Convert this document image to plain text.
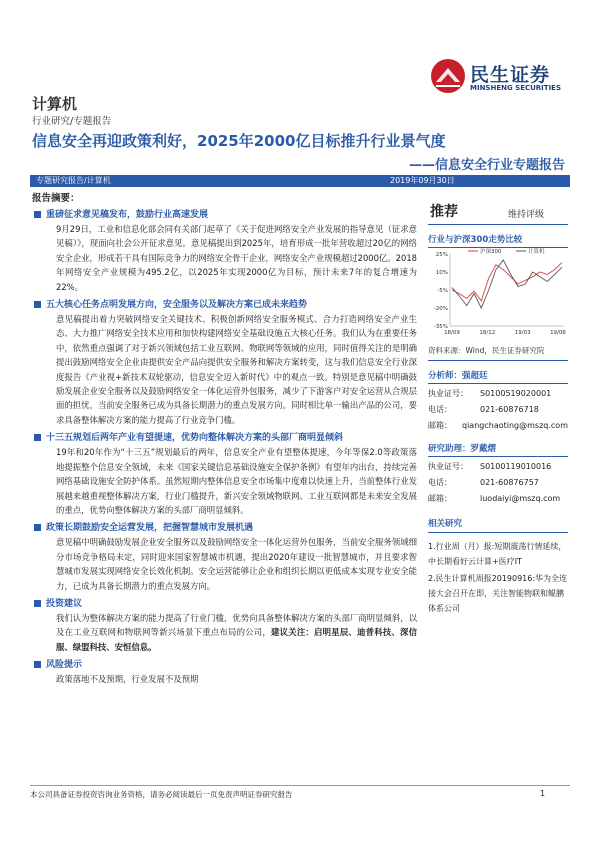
民生证券
MINSHENG SECURITIES
计算机
行业研究/专题报告
信息安全再迎政策利好，2025年2000亿目标推升行业景气度
——信息安全行业专题报告
专题研究报告/计算机	2019年09月30日
报告摘要：
重磅征求意见稿发布，鼓励行业高速发展
9月29日，工业和信息化部会同有关部门起草了《关于促进网络安全产业发展的指导意见（征求意见稿）》，现面向社会公开征求意见。意见稿提出到2025年，培育形成一批年营收超过20亿的网络安全企业，形成若干具有国际竞争力的网络安全骨干企业，网络安全产业规模超过2000亿。2018年网络安全产业规模为495.2亿，以2025年实现2000亿为目标，预计未来7年的复合增速为22%。
五大核心任务点明发展方向，安全服务以及解决方案已成未来趋势
意见稿提出着力突破网络安全关键技术、积极创新网络安全服务模式、合力打造网络安全产业生态、大力推广网络安全技术应用和加快构建网络安全基础设施五大核心任务。我们认为在重要任务中，依然重点强调了对于新兴领域包括工业互联网、物联网等领域的应用，同时值得关注的是明确提出鼓励网络安全企业由提供安全产品向提供安全服务和解决方案转变，这与我们信息安全行业深度报告《产业视+新技术双轮驱动，信息安全迈入新时代》中的观点一致。特别是意见稿中明确鼓励发展企业安全服务以及鼓励网络安全一体化运营外包服务，减少了下游客户对安全运营从合规层面的担忧，当前安全服务已成为具备长期潜力的重点发展方向。同时相比单一输出产品的公司，要求具备整体解决方案的能力提高了行业竞争门槛。
十三五规划后两年产业有望提速，优势向整体解决方案的头部厂商明显倾斜
19年和20年作为“十三五”规划最后的两年，信息安全产业有望整体提速，今年等保2.0等政策落地提振整个信息安全领域，未来《国家关键信息基础设施安全保护条例》有望年内出台，持续完善网络基础设施安全防护体系。虽然短期内整体信息安全市场集中度难以快速上升，当前整体行业发展越来越重视整体解决方案，行业门槛提升，新兴安全领域物联网、工业互联网都是未来安全发展的重点，优势向整体解决方案的头部厂商明显倾斜。
政策长期鼓励安全运营发展，把握智慧城市发展机遇
意见稿中明确鼓励发展企业安全服务以及鼓励网络安全一体化运营外包服务，当前安全服务领域细分市场竞争格局未定，同时迎来国家智慧城市机遇，提出2020年建设一批智慧城市，并且要求智慧城市发展实现网络安全长效化机制。安全运营能够让企业和组织长期以更低成本实现专业安全能力，已成为具备长期潜力的重点发展方向。
投资建议
我们认为整体解决方案的能力提高了行业门槛，优势向具备整体解决方案的头部厂商明显倾斜，以及在工业互联网和物联网等新兴场景下重点布局的公司，建议关注：启明星辰、迪普科技、深信服、绿盟科技、安恒信息。
风险提示
政策落地不及预期，行业发展不及预期
推荐	维持评级
行业与沪深300走势比较
25%
10%
-5%
-20%
-35%
18/09	18/12	19/03	19/06
沪深300	计算机
资料来源：Wind，民生证券研究院
分析师：强超廷
执业证号：	S0100519020001
电话：	021-60876718
邮箱：	qiangchaoting@mszq.com
研究助理：罗戴熠
执业证号：	S0100119010016
电话：	021-60876757
邮箱：	luodaiyi@mszq.com
相关研究
1.行业周（月）报:短期震荡行情延续，中长期看好云计算+医疗IT
2.民生计算机周报20190916:华为全连接大会召开在即，关注智能物联和鲲鹏体系公司
本公司具备证券投资咨询业务资格，请务必阅读最后一页免责声明证券研究报告	1
